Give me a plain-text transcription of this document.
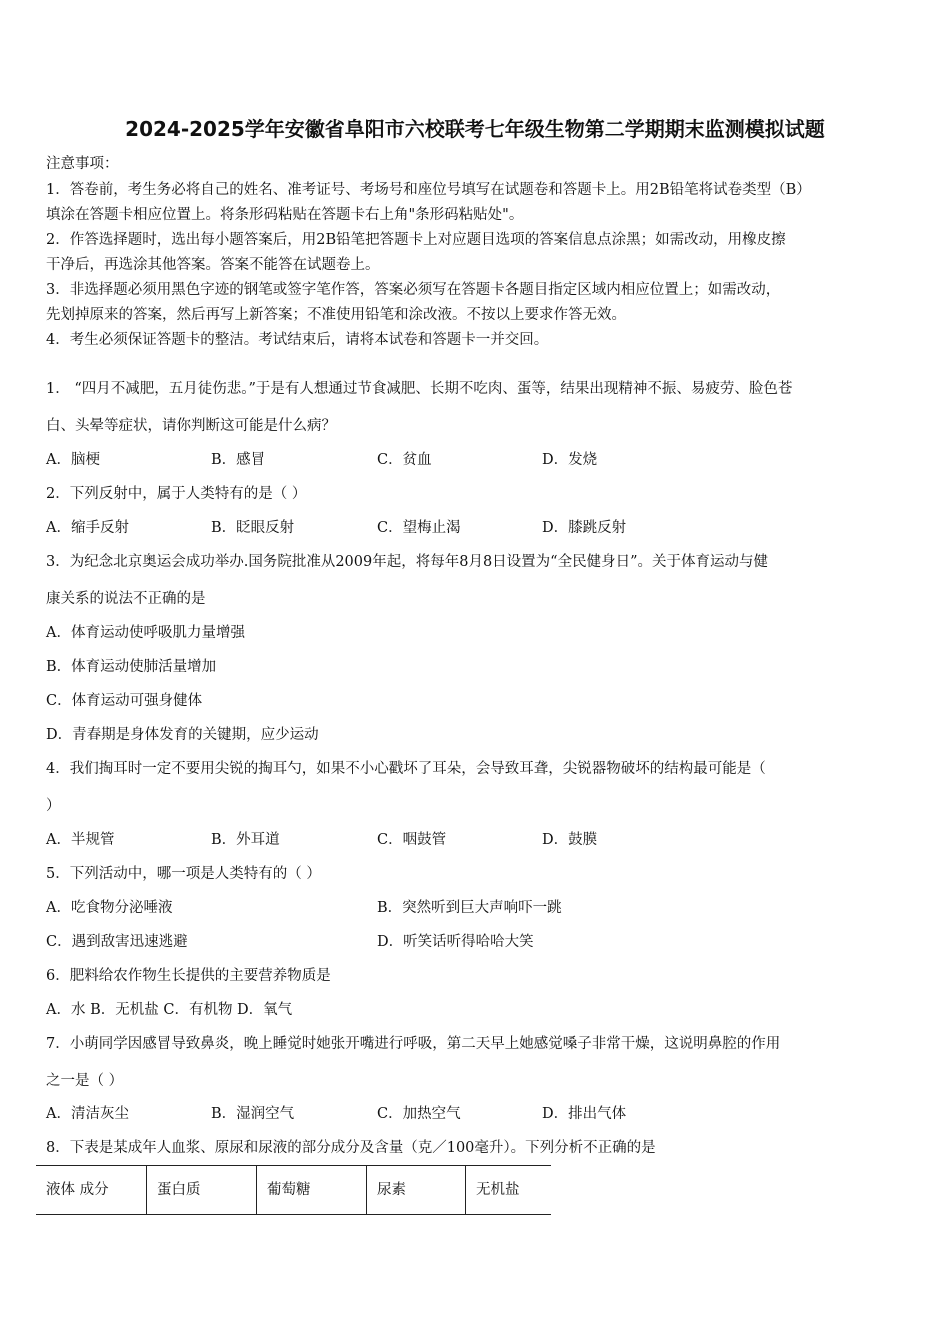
2024-2025学年安徽省阜阳市六校联考七年级生物第二学期期末监测模拟试题
注意事项：
1．答卷前，考生务必将自己的姓名、准考证号、考场号和座位号填写在试题卷和答题卡上。用2B铅笔将试卷类型（B）
填涂在答题卡相应位置上。将条形码粘贴在答题卡右上角"条形码粘贴处"。
2．作答选择题时，选出每小题答案后，用2B铅笔把答题卡上对应题目选项的答案信息点涂黑；如需改动，用橡皮擦
干净后，再选涂其他答案。答案不能答在试题卷上。
3．非选择题必须用黑色字迹的钢笔或签字笔作答，答案必须写在答题卡各题目指定区域内相应位置上；如需改动，
先划掉原来的答案，然后再写上新答案；不准使用铅笔和涂改液。不按以上要求作答无效。
4．考生必须保证答题卡的整洁。考试结束后，请将本试卷和答题卡一并交回。
1． “四月不减肥，五月徒伤悲。”于是有人想通过节食减肥、长期不吃肉、蛋等，结果出现精神不振、易疲劳、脸色苍
白、头晕等症状，请你判断这可能是什么病？
A．脑梗	B．感冒	C．贫血	D．发烧
2．下列反射中，属于人类特有的是（ ）
A．缩手反射	B．眨眼反射	C．望梅止渴	D．膝跳反射
3．为纪念北京奥运会成功举办.国务院批准从2009年起，将每年8月8日设置为“全民健身日”。关于体育运动与健
康关系的说法不正确的是
A．体育运动使呼吸肌力量增强
B．体育运动使肺活量增加
C．体育运动可强身健体
D．青春期是身体发育的关键期，应少运动
4．我们掏耳时一定不要用尖锐的掏耳勺，如果不小心戳坏了耳朵，会导致耳聋，尖锐器物破坏的结构最可能是（
）
A．半规管	B．外耳道	C．咽鼓管	D．鼓膜
5．下列活动中，哪一项是人类特有的（ ）
A．吃食物分泌唾液	B．突然听到巨大声响吓一跳
C．遇到敌害迅速逃避	D．听笑话听得哈哈大笑
6．肥料给农作物生长提供的主要营养物质是
A．水 B．无机盐 C．有机物 D．氧气
7．小萌同学因感冒导致鼻炎，晚上睡觉时她张开嘴进行呼吸，第二天早上她感觉嗓子非常干燥，这说明鼻腔的作用
之一是（ ）
A．清洁灰尘	B．湿润空气	C．加热空气	D．排出气体
8．下表是某成年人血浆、原尿和尿液的部分成分及含量（克／100毫升）。下列分析不正确的是
液体 成分	蛋白质	葡萄糖	尿素	无机盐
